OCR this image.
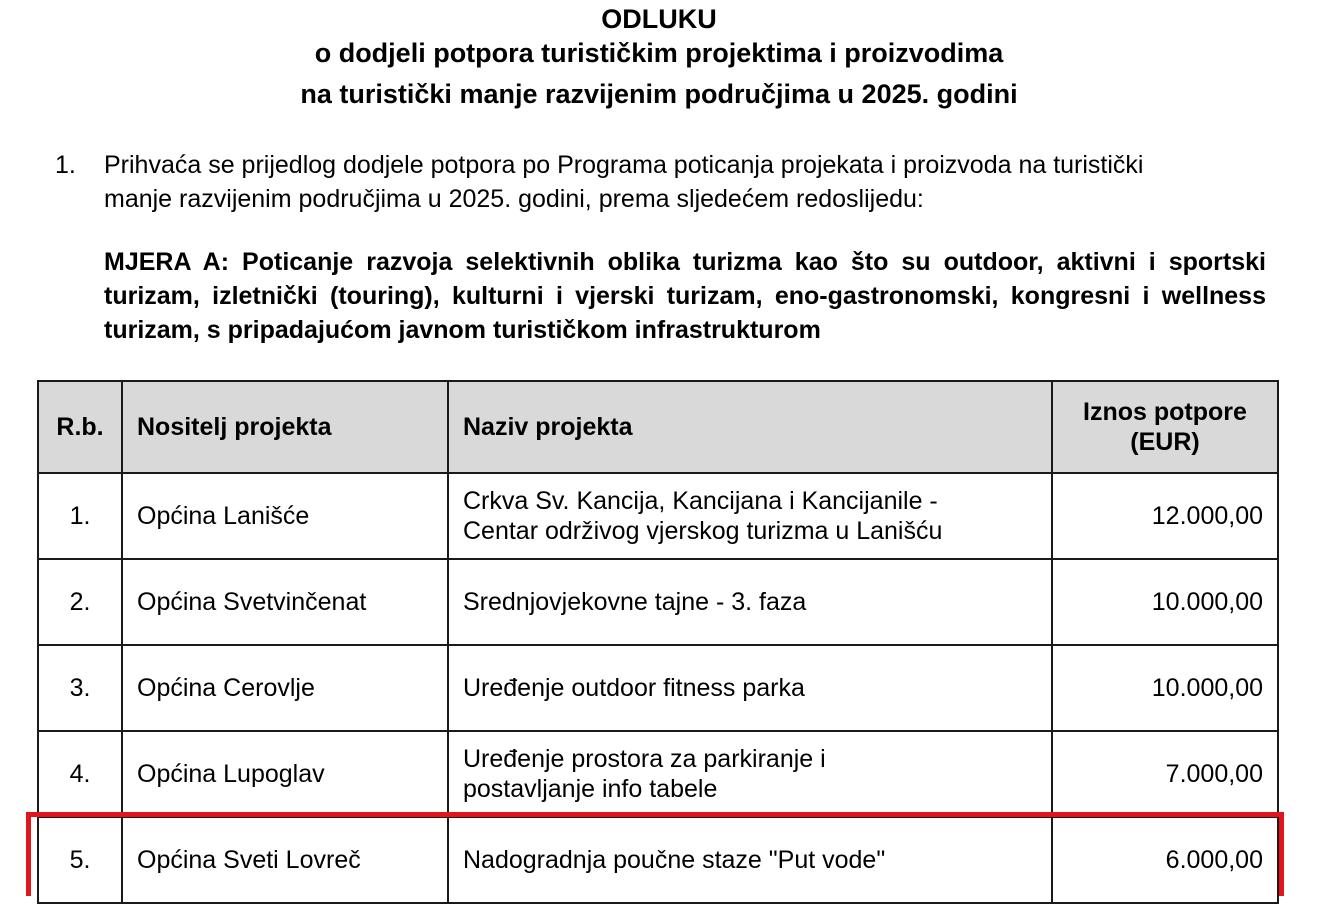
ODLUKU
o dodjeli potpora turističkim projektima i proizvodima
na turistički manje razvijenim područjima u 2025. godini
1. Prihvaća se prijedlog dodjele potpora po Programa poticanja projekata i proizvoda na turistički manje razvijenim područjima u 2025. godini, prema sljedećem redoslijedu:
MJERA A: Poticanje razvoja selektivnih oblika turizma kao što su outdoor, aktivni i sportski turizam, izletnički (touring), kulturni i vjerski turizam, eno-gastronomski, kongresni i wellness turizam, s pripadajućom javnom turističkom infrastrukturom
R.b.	Nositelj projekta	Naziv projekta	Iznos potpore
(EUR)

1.	Općina Lanišće	Crkva Sv. Kancija, Kancijana i Kancijanile -
Centar održivog vjerskog turizma u Lanišću	12.000,00
2.	Općina Svetvinčenat	Srednjovjekovne tajne - 3. faza	10.000,00
3.	Općina Cerovlje	Uređenje outdoor fitness parka	10.000,00
4.	Općina Lupoglav	Uređenje prostora za parkiranje i
postavljanje info tabele	7.000,00
5.	Općina Sveti Lovreč	Nadogradnja poučne staze "Put vode"	6.000,00
